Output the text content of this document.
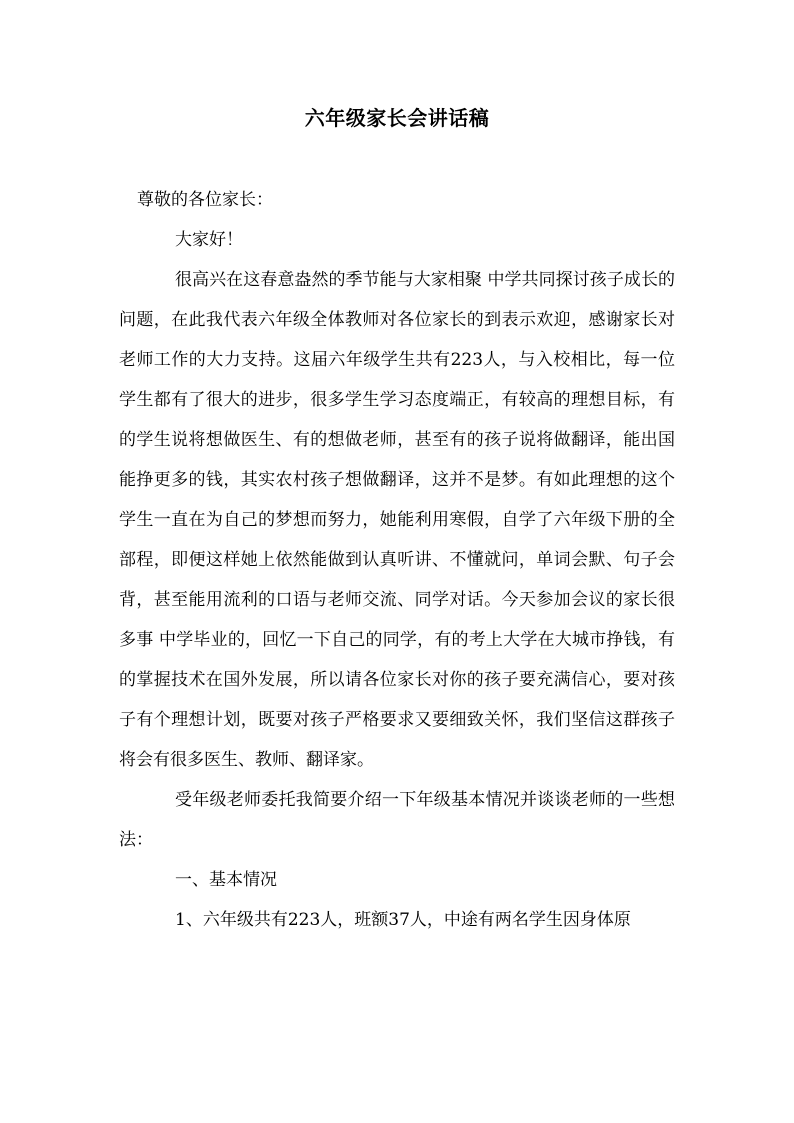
六年级家长会讲话稿

尊敬的各位家长：

大家好！

很高兴在这春意盎然的季节能与大家相聚 中学共同探讨孩子成长的问题，在此我代表六年级全体教师对各位家长的到表示欢迎，感谢家长对老师工作的大力支持。这届六年级学生共有223人，与入校相比，每一位学生都有了很大的进步，很多学生学习态度端正，有较高的理想目标，有的学生说将想做医生、有的想做老师，甚至有的孩子说将做翻译，能出国能挣更多的钱，其实农村孩子想做翻译，这并不是梦。有如此理想的这个学生一直在为自己的梦想而努力，她能利用寒假，自学了六年级下册的全部程，即便这样她上依然能做到认真听讲、不懂就问，单词会默、句子会背，甚至能用流利的口语与老师交流、同学对话。今天参加会议的家长很多事 中学毕业的，回忆一下自己的同学，有的考上大学在大城市挣钱，有的掌握技术在国外发展，所以请各位家长对你的孩子要充满信心，要对孩子有个理想计划，既要对孩子严格要求又要细致关怀，我们坚信这群孩子将会有很多医生、教师、翻译家。

受年级老师委托我简要介绍一下年级基本情况并谈谈老师的一些想法：

一、基本情况

1、六年级共有223人，班额37人，中途有两名学生因身体原
